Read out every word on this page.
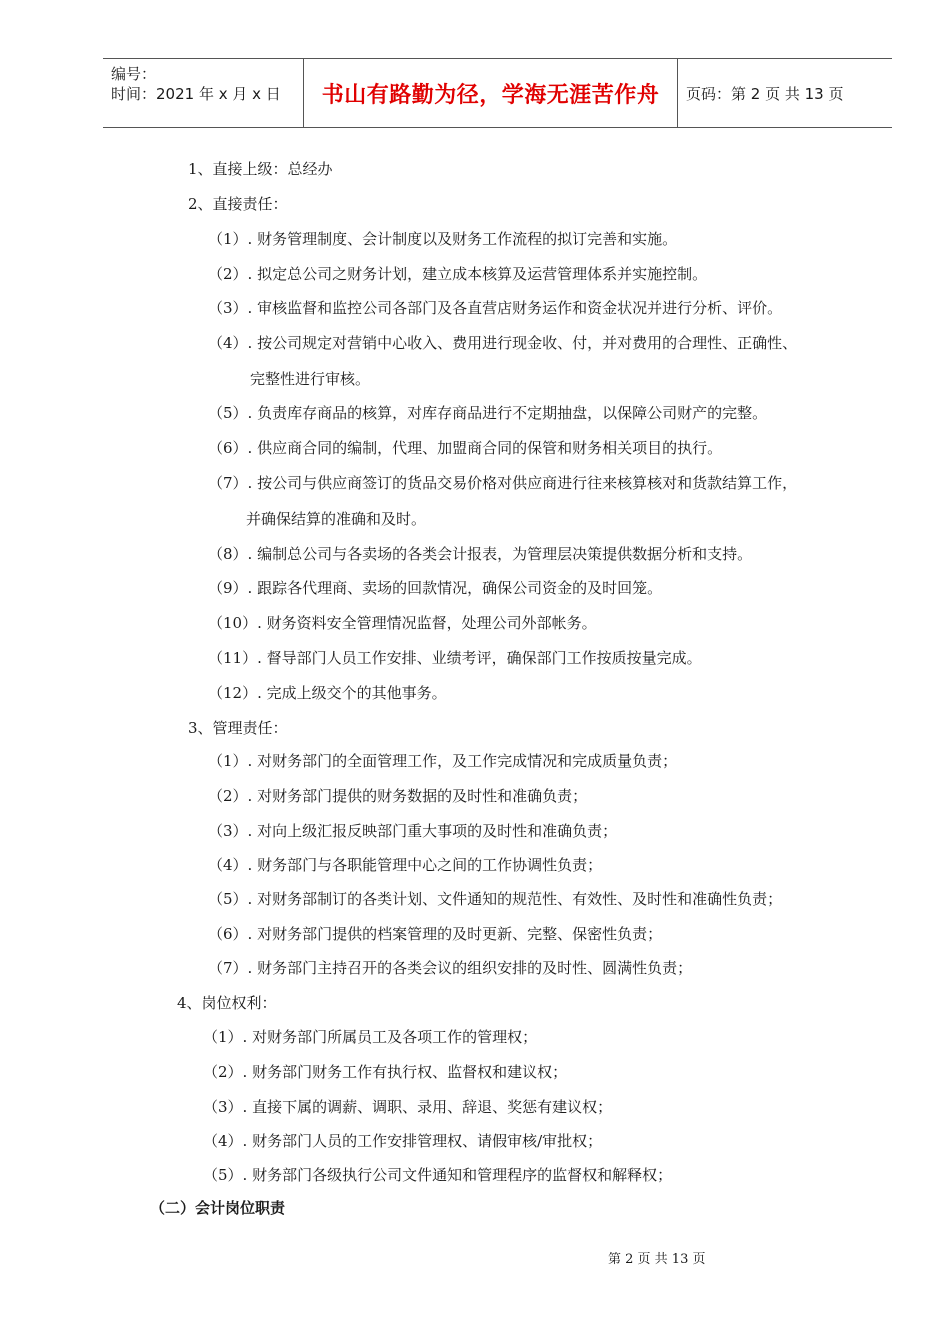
编号：
时间：2021 年 x 月 x 日 书山有路勤为径，学海无涯苦作舟 页码：第 2 页 共 13 页
1、直接上级：总经办
2、直接责任：
（1）. 财务管理制度、会计制度以及财务工作流程的拟订完善和实施。
（2）. 拟定总公司之财务计划，建立成本核算及运营管理体系并实施控制。
（3）. 审核监督和监控公司各部门及各直营店财务运作和资金状况并进行分析、评价。
（4）. 按公司规定对营销中心收入、费用进行现金收、付，并对费用的合理性、正确性、
完整性进行审核。
（5）. 负责库存商品的核算，对库存商品进行不定期抽盘，以保障公司财产的完整。
（6）. 供应商合同的编制，代理、加盟商合同的保管和财务相关项目的执行。
（7）. 按公司与供应商签订的货品交易价格对供应商进行往来核算核对和货款结算工作，
并确保结算的准确和及时。
（8）. 编制总公司与各卖场的各类会计报表，为管理层决策提供数据分析和支持。
（9）. 跟踪各代理商、卖场的回款情况，确保公司资金的及时回笼。
（10）. 财务资料安全管理情况监督，处理公司外部帐务。
（11）. 督导部门人员工作安排、业绩考评，确保部门工作按质按量完成。
（12）. 完成上级交个的其他事务。
3、管理责任：
（1）. 对财务部门的全面管理工作，及工作完成情况和完成质量负责；
（2）. 对财务部门提供的财务数据的及时性和准确负责；
（3）. 对向上级汇报反映部门重大事项的及时性和准确负责；
（4）. 财务部门与各职能管理中心之间的工作协调性负责；
（5）. 对财务部制订的各类计划、文件通知的规范性、有效性、及时性和准确性负责；
（6）. 对财务部门提供的档案管理的及时更新、完整、保密性负责；
（7）. 财务部门主持召开的各类会议的组织安排的及时性、圆满性负责；
4、岗位权利：
（1）. 对财务部门所属员工及各项工作的管理权；
（2）. 财务部门财务工作有执行权、监督权和建议权；
（3）. 直接下属的调薪、调职、录用、辞退、奖惩有建议权；
（4）. 财务部门人员的工作安排管理权、请假审核/审批权；
（5）. 财务部门各级执行公司文件通知和管理程序的监督权和解释权；
（二）会计岗位职责
第 2 页 共 13 页
